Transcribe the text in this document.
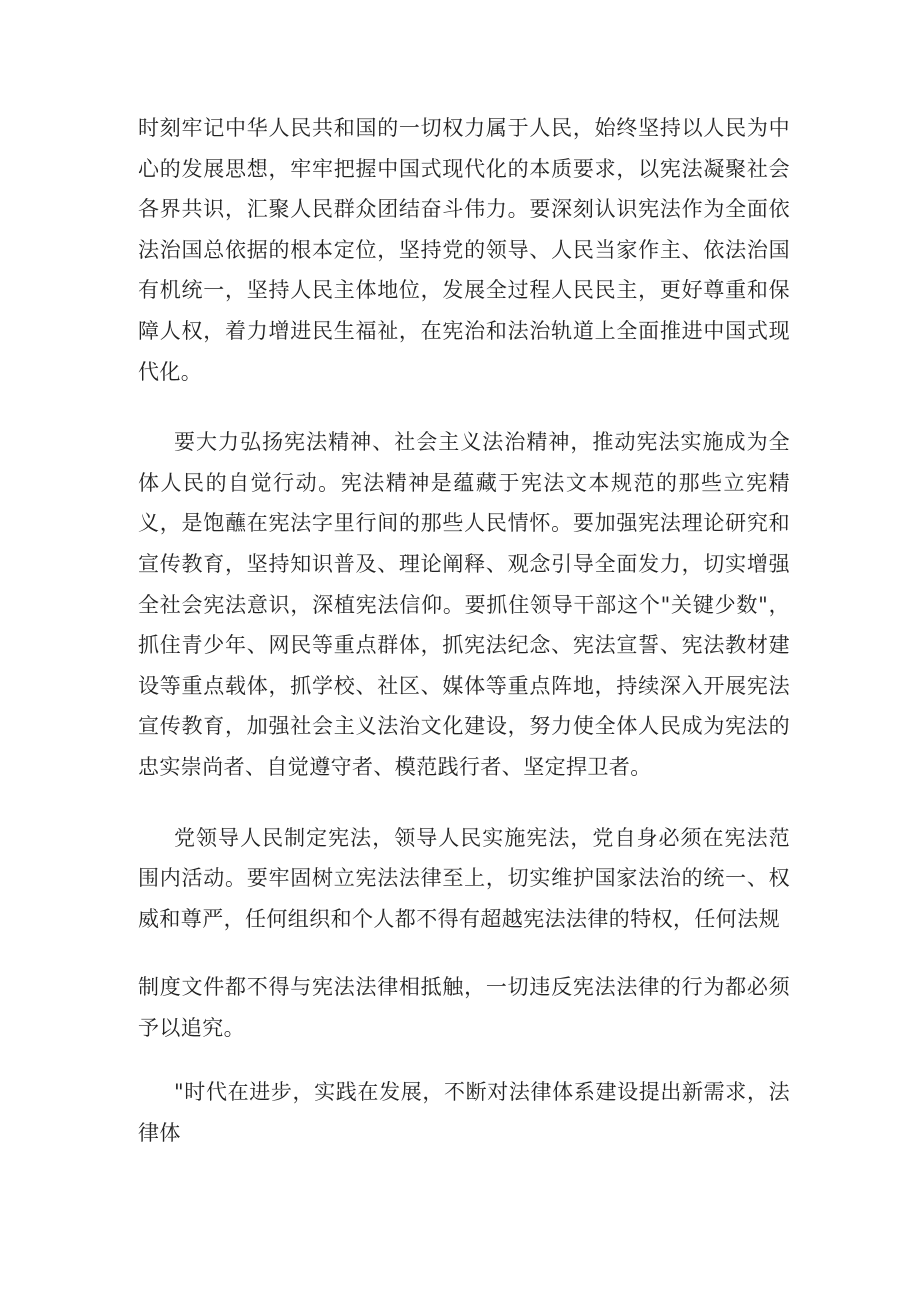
时刻牢记中华人民共和国的一切权力属于人民，始终坚持以人民为中心的发展思想，牢牢把握中国式现代化的本质要求，以宪法凝聚社会各界共识，汇聚人民群众团结奋斗伟力。要深刻认识宪法作为全面依法治国总依据的根本定位，坚持党的领导、人民当家作主、依法治国有机统一，坚持人民主体地位，发展全过程人民民主，更好尊重和保障人权，着力增进民生福祉，在宪治和法治轨道上全面推进中国式现代化。

要大力弘扬宪法精神、社会主义法治精神，推动宪法实施成为全体人民的自觉行动。宪法精神是蕴藏于宪法文本规范的那些立宪精义，是饱蘸在宪法字里行间的那些人民情怀。要加强宪法理论研究和宣传教育，坚持知识普及、理论阐释、观念引导全面发力，切实增强全社会宪法意识，深植宪法信仰。要抓住领导干部这个"关键少数"，抓住青少年、网民等重点群体，抓宪法纪念、宪法宣誓、宪法教材建设等重点载体，抓学校、社区、媒体等重点阵地，持续深入开展宪法宣传教育，加强社会主义法治文化建设，努力使全体人民成为宪法的忠实崇尚者、自觉遵守者、模范践行者、坚定捍卫者。

党领导人民制定宪法，领导人民实施宪法，党自身必须在宪法范围内活动。要牢固树立宪法法律至上，切实维护国家法治的统一、权威和尊严，任何组织和个人都不得有超越宪法法律的特权，任何法规

制度文件都不得与宪法法律相抵触，一切违反宪法法律的行为都必须予以追究。

"时代在进步，实践在发展，不断对法律体系建设提出新需求，法律体
